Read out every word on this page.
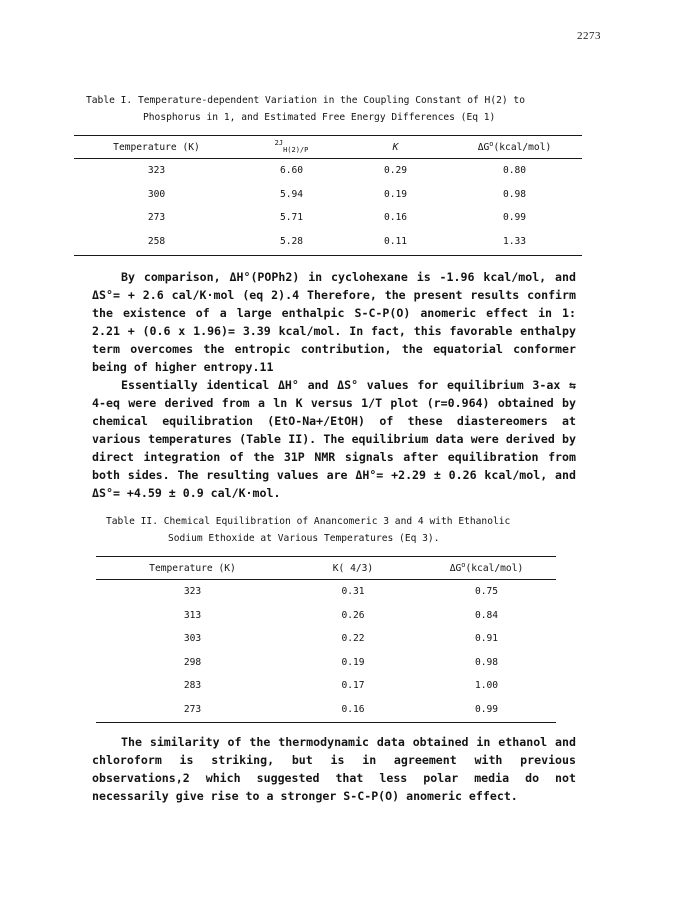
2273
Table I. Temperature-dependent Variation in the Coupling Constant of H(2) to
Phosphorus in 1, and Estimated Free Energy Differences (Eq 1)
Temperature (K)	$^{2J}_{H(2)/P}$	K	$\Delta G^o(kcal/mol)$
323	6.60	0.29	0.80
300	5.94	0.19	0.98
273	5.71	0.16	0.99
258	5.28	0.11	1.33

By comparison, ΔH°(POPh2) in cyclohexane is -1.96 kcal/mol, and ΔS°= + 2.6 cal/K·mol (eq 2).4 Therefore, the present results confirm the existence of a large enthalpic S-C-P(O) anomeric effect in 1: 2.21 + (0.6 x 1.96)= 3.39 kcal/mol. In fact, this favorable enthalpy term overcomes the entropic contribution, the equatorial conformer being of higher entropy.11

Essentially identical ΔH° and ΔS° values for equilibrium 3-ax ⇆ 4-eq were derived from a ln K versus 1/T plot (r=0.964) obtained by chemical equilibration (EtO-Na+/EtOH) of these diastereomers at various temperatures (Table II). The equilibrium data were derived by direct integration of the 31P NMR signals after equilibration from both sides. The resulting values are ΔH°= +2.29 ± 0.26 kcal/mol, and ΔS°= +4.59 ± 0.9 cal/K·mol.

Table II. Chemical Equilibration of Anancomeric 3 and 4 with Ethanolic
Sodium Ethoxide at Various Temperatures (Eq 3).
Temperature (K)	K( 4/3)	$\Delta G^o(kcal/mol)$
323	0.31	0.75
313	0.26	0.84
303	0.22	0.91
298	0.19	0.98
283	0.17	1.00
273	0.16	0.99

The similarity of the thermodynamic data obtained in ethanol and chloroform is striking, but is in agreement with previous observations,2 which suggested that less polar media do not necessarily give rise to a stronger S-C-P(O) anomeric effect.
